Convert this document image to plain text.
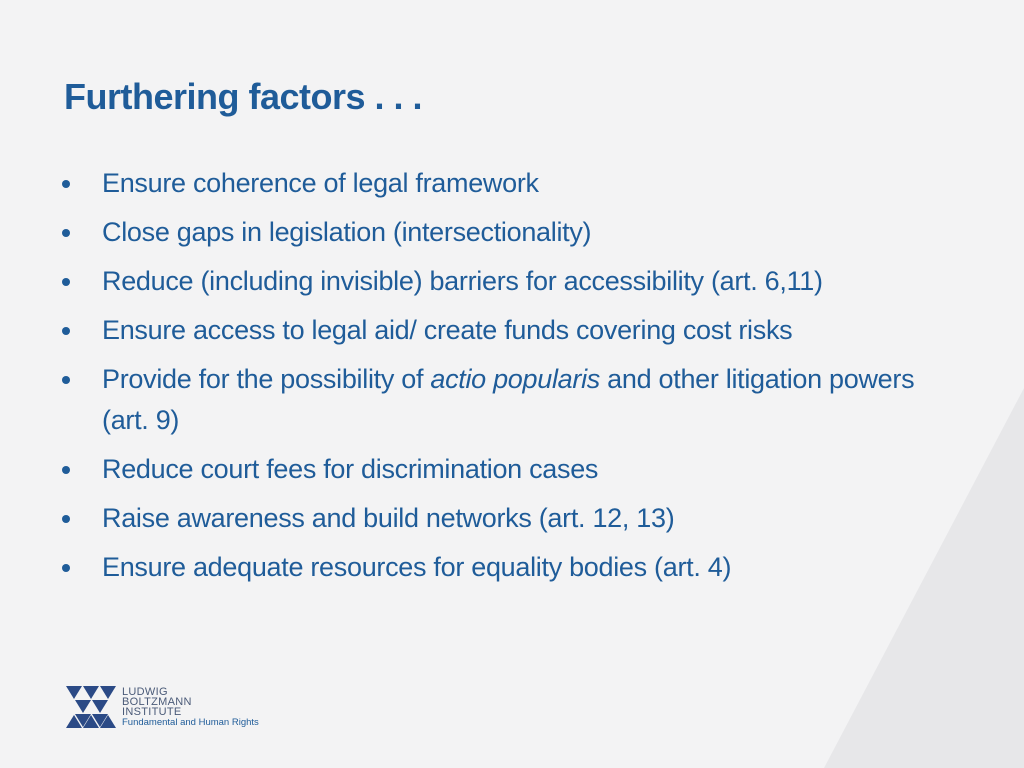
Furthering factors . . .
Ensure coherence of legal framework
Close gaps in legislation (intersectionality)
Reduce (including invisible) barriers for accessibility (art. 6,11)
Ensure access to legal aid/ create funds covering cost risks
Provide for the possibility of actio popularis and other litigation powers (art. 9)
Reduce court fees for discrimination cases
Raise awareness and build networks (art. 12, 13)
Ensure adequate resources for equality bodies (art. 4)
LUDWIG
BOLTZMANN
INSTITUTE
Fundamental and Human Rights
